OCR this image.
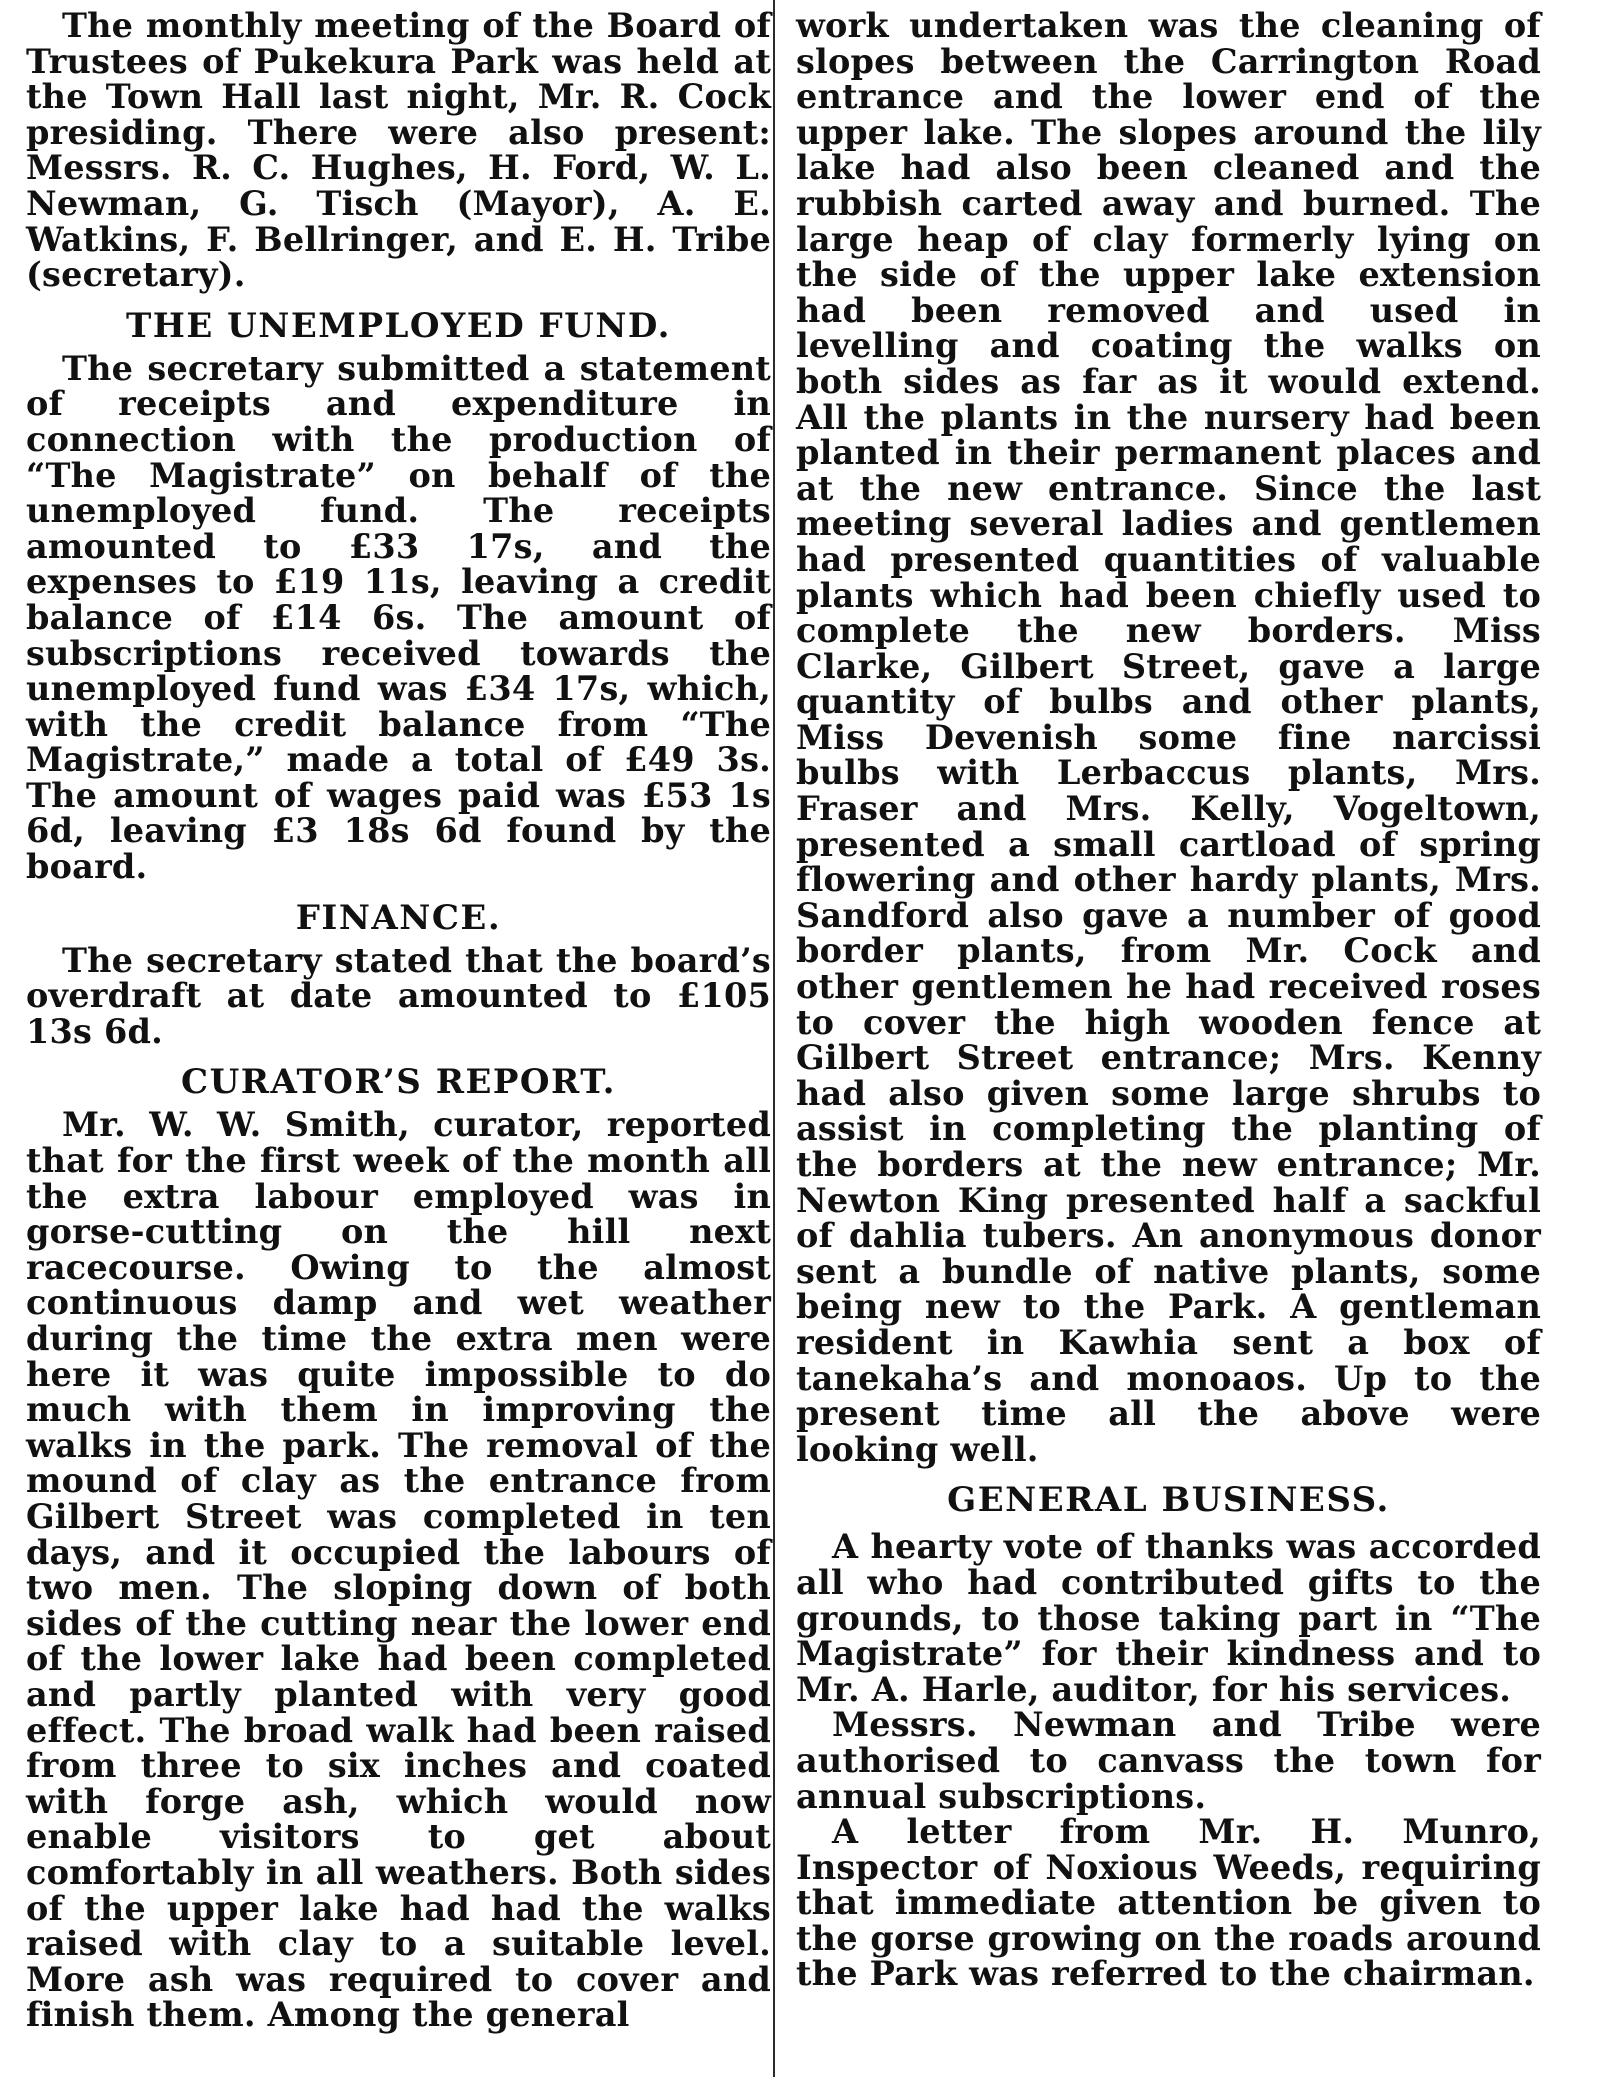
The monthly meeting of the Board of Trustees of Pukekura Park was held at the Town Hall last night, Mr. R. Cock presiding. There were also present: Messrs. R. C. Hughes, H. Ford, W. L. Newman, G. Tisch (Mayor), A. E. Watkins, F. Bellringer, and E. H. Tribe (secretary).

THE UNEMPLOYED FUND.

The secretary submitted a statement of receipts and expenditure in connection with the production of “The Magistrate” on behalf of the unemployed fund. The receipts amounted to £33 17s, and the expenses to £19 11s, leaving a credit balance of £14 6s. The amount of subscriptions received towards the unemployed fund was £34 17s, which, with the credit balance from “The Magistrate,” made a total of £49 3s. The amount of wages paid was £53 1s 6d, leaving £3 18s 6d found by the board.

FINANCE.

The secretary stated that the board’s overdraft at date amounted to £105 13s 6d.

CURATOR’S REPORT.

Mr. W. W. Smith, curator, reported that for the first week of the month all the extra labour employed was in gorse-cutting on the hill next racecourse. Owing to the almost continuous damp and wet weather during the time the extra men were here it was quite impossible to do much with them in improving the walks in the park. The removal of the mound of clay as the entrance from Gilbert Street was completed in ten days, and it occupied the labours of two men. The sloping down of both sides of the cutting near the lower end of the lower lake had been completed and partly planted with very good effect. The broad walk had been raised from three to six inches and coated with forge ash, which would now enable visitors to get about comfortably in all weathers. Both sides of the upper lake had had the walks raised with clay to a suitable level. More ash was required to cover and finish them. Among the general

work undertaken was the cleaning of slopes between the Carrington Road entrance and the lower end of the upper lake. The slopes around the lily lake had also been cleaned and the rubbish carted away and burned. The large heap of clay formerly lying on the side of the upper lake extension had been removed and used in levelling and coating the walks on both sides as far as it would extend. All the plants in the nursery had been planted in their permanent places and at the new entrance. Since the last meeting several ladies and gentlemen had presented quantities of valuable plants which had been chiefly used to complete the new borders. Miss Clarke, Gilbert Street, gave a large quantity of bulbs and other plants, Miss Devenish some fine narcissi bulbs with Lerbaccus plants, Mrs. Fraser and Mrs. Kelly, Vogeltown, presented a small cartload of spring flowering and other hardy plants, Mrs. Sandford also gave a number of good border plants, from Mr. Cock and other gentlemen he had received roses to cover the high wooden fence at Gilbert Street entrance; Mrs. Kenny had also given some large shrubs to assist in completing the planting of the borders at the new entrance; Mr. Newton King presented half a sackful of dahlia tubers. An anonymous donor sent a bundle of native plants, some being new to the Park. A gentleman resident in Kawhia sent a box of tanekaha’s and monoaos. Up to the present time all the above were looking well.

GENERAL BUSINESS.

A hearty vote of thanks was accorded all who had contributed gifts to the grounds, to those taking part in “The Magistrate” for their kindness and to Mr. A. Harle, auditor, for his services.

Messrs. Newman and Tribe were authorised to canvass the town for annual subscriptions.

A letter from Mr. H. Munro, Inspector of Noxious Weeds, requiring that immediate attention be given to the gorse growing on the roads around the Park was referred to the chairman.
